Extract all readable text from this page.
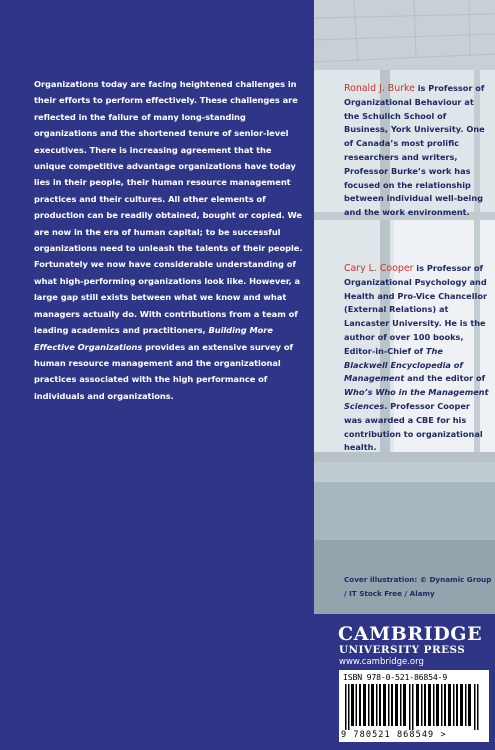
Organizations today are facing heightened challenges in their efforts to perform effectively. These challenges are reflected in the failure of many long-standing organizations and the shortened tenure of senior-level executives. There is increasing agreement that the unique competitive advantage organizations have today lies in their people, their human resource management practices and their cultures. All other elements of production can be readily obtained, bought or copied. We are now in the era of human capital; to be successful organizations need to unleash the talents of their people. Fortunately we now have considerable understanding of what high-performing organizations look like. However, a large gap still exists between what we know and what managers actually do. With contributions from a team of leading academics and practitioners, Building More Effective Organizations provides an extensive survey of human resource management and the organizational practices associated with the high performance of individuals and organizations.

Ronald J. Burke is Professor of Organizational Behaviour at the Schulich School of Business, York University. One of Canada’s most prolific researchers and writers, Professor Burke’s work has focused on the relationship between individual well-being and the work environment.

Cary L. Cooper is Professor of Organizational Psychology and Health and Pro-Vice Chancellor (External Relations) at Lancaster University. He is the author of over 100 books, Editor-in-Chief of The Blackwell Encyclopedia of Management and the editor of Who’s Who in the Management Sciences. Professor Cooper was awarded a CBE for his contribution to organizational health.

Cover illustration: © Dynamic Group / IT Stock Free / Alamy

CAMBRIDGE

UNIVERSITY PRESS

www.cambridge.org

ISBN 978-0-521-86854-9

9 780521 868549 >
